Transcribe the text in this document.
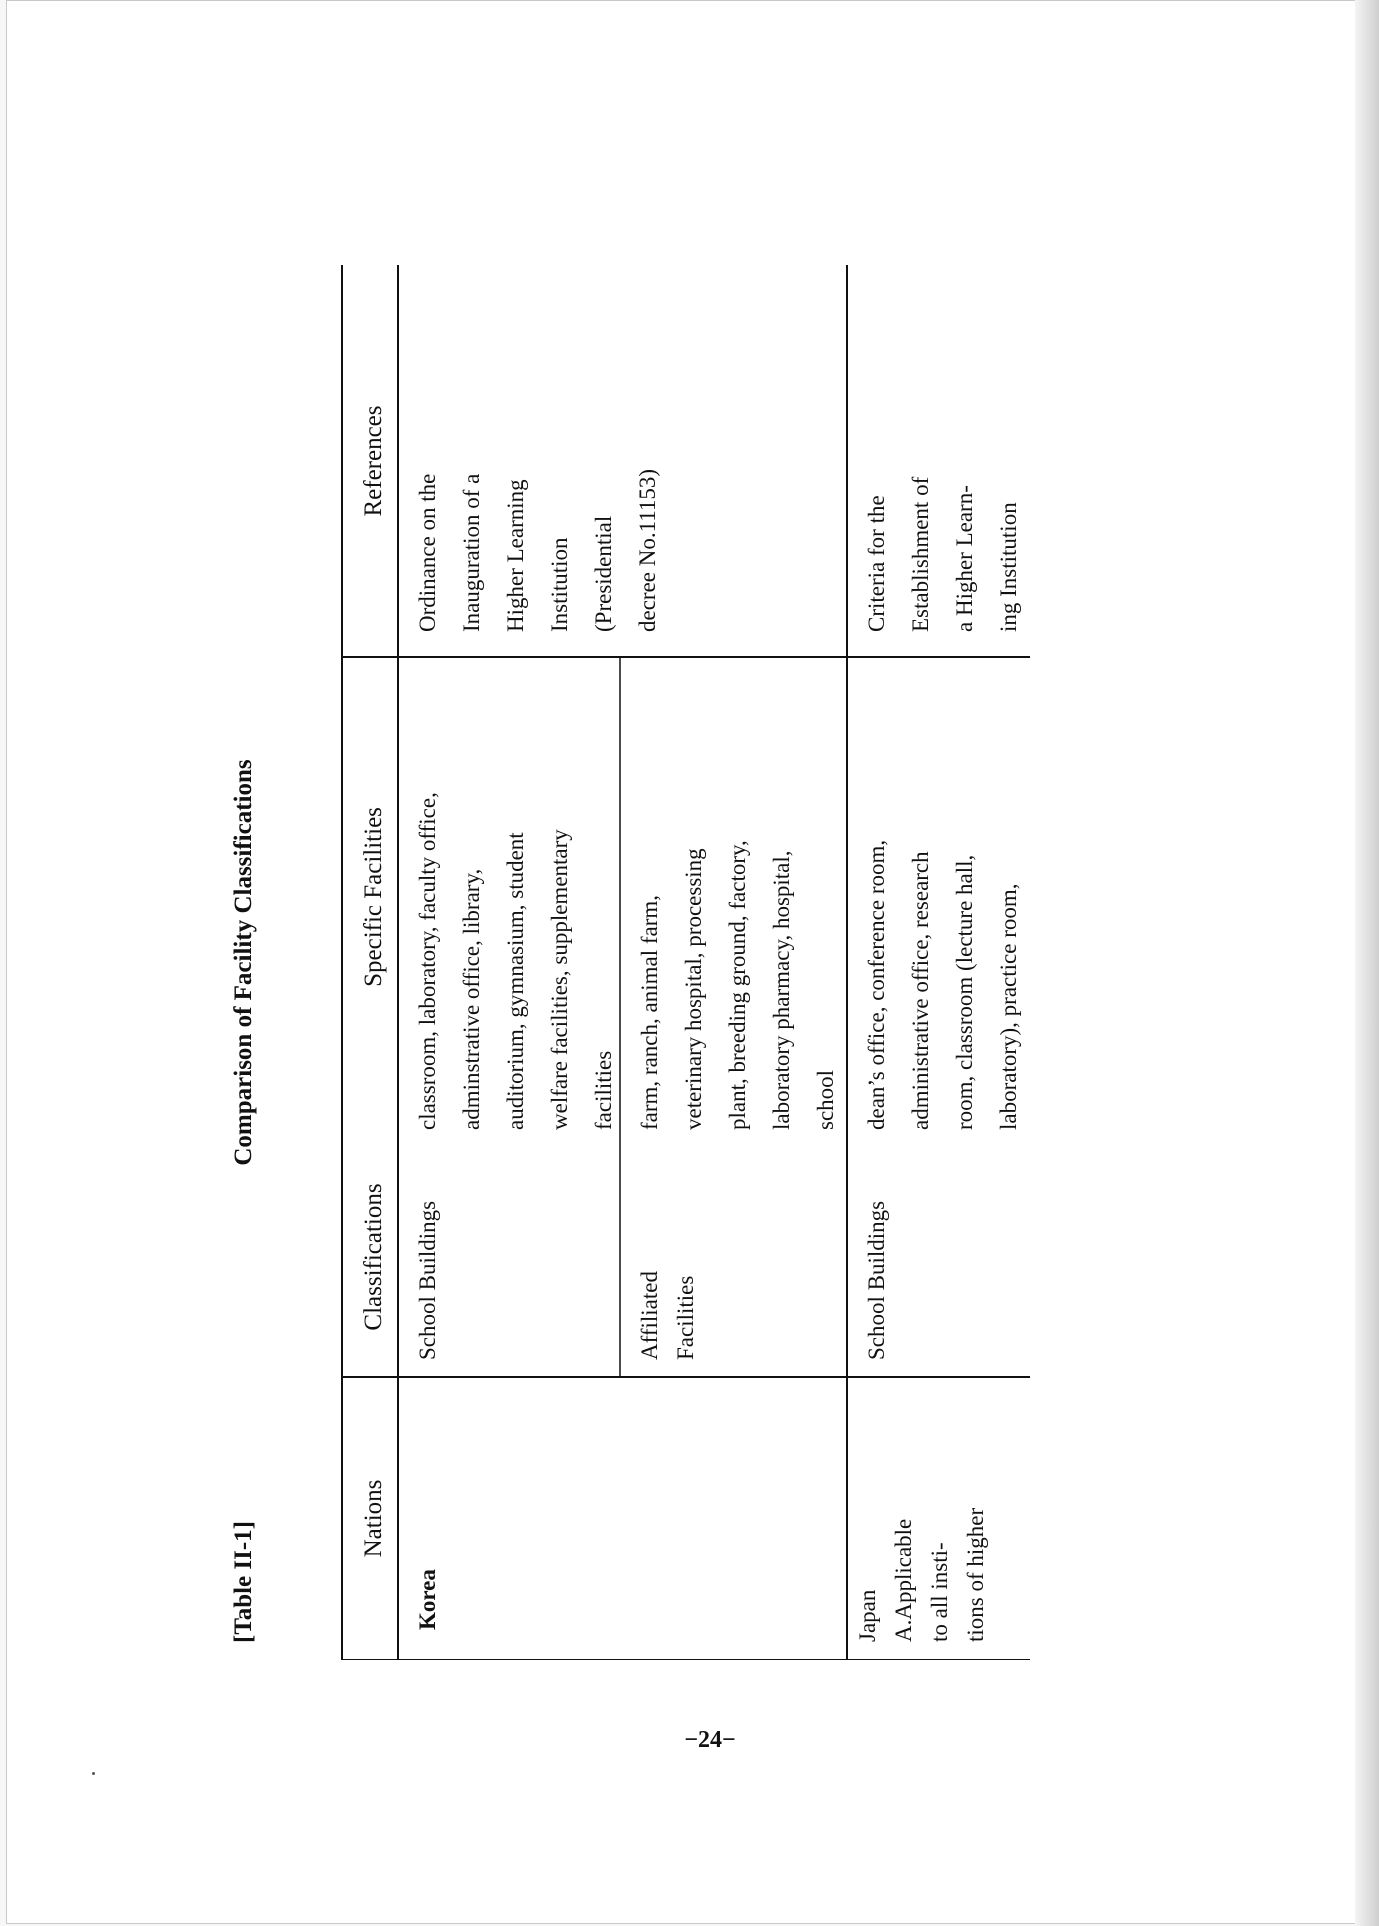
[Table II-1]
Comparison of Facility Classifications
Nations
Classifications
Specific Facilities
References
Korea
School Buildings
classroom, laboratory, faculty office,
adminstrative office, library,
auditorium, gymnasium, student
welfare facilities, supplementary
facilities
Ordinance on the
Inauguration of a
Higher Learning
Institution
(Presidential
decree No.11153)
Affiliated
Facilities
farm, ranch, animal farm,
veterinary hospital, processing
plant, breeding ground, factory,
laboratory pharmacy, hospital,
school
Japan
A.Applicable
to all insti-
tions of higher
School Buildings
dean’s office, conference room,
administrative office, research
room, classroom (lecture hall,
laboratory), practice room,
Criteria for the
Establishment of
a Higher Learn-
ing Institution
−24−
